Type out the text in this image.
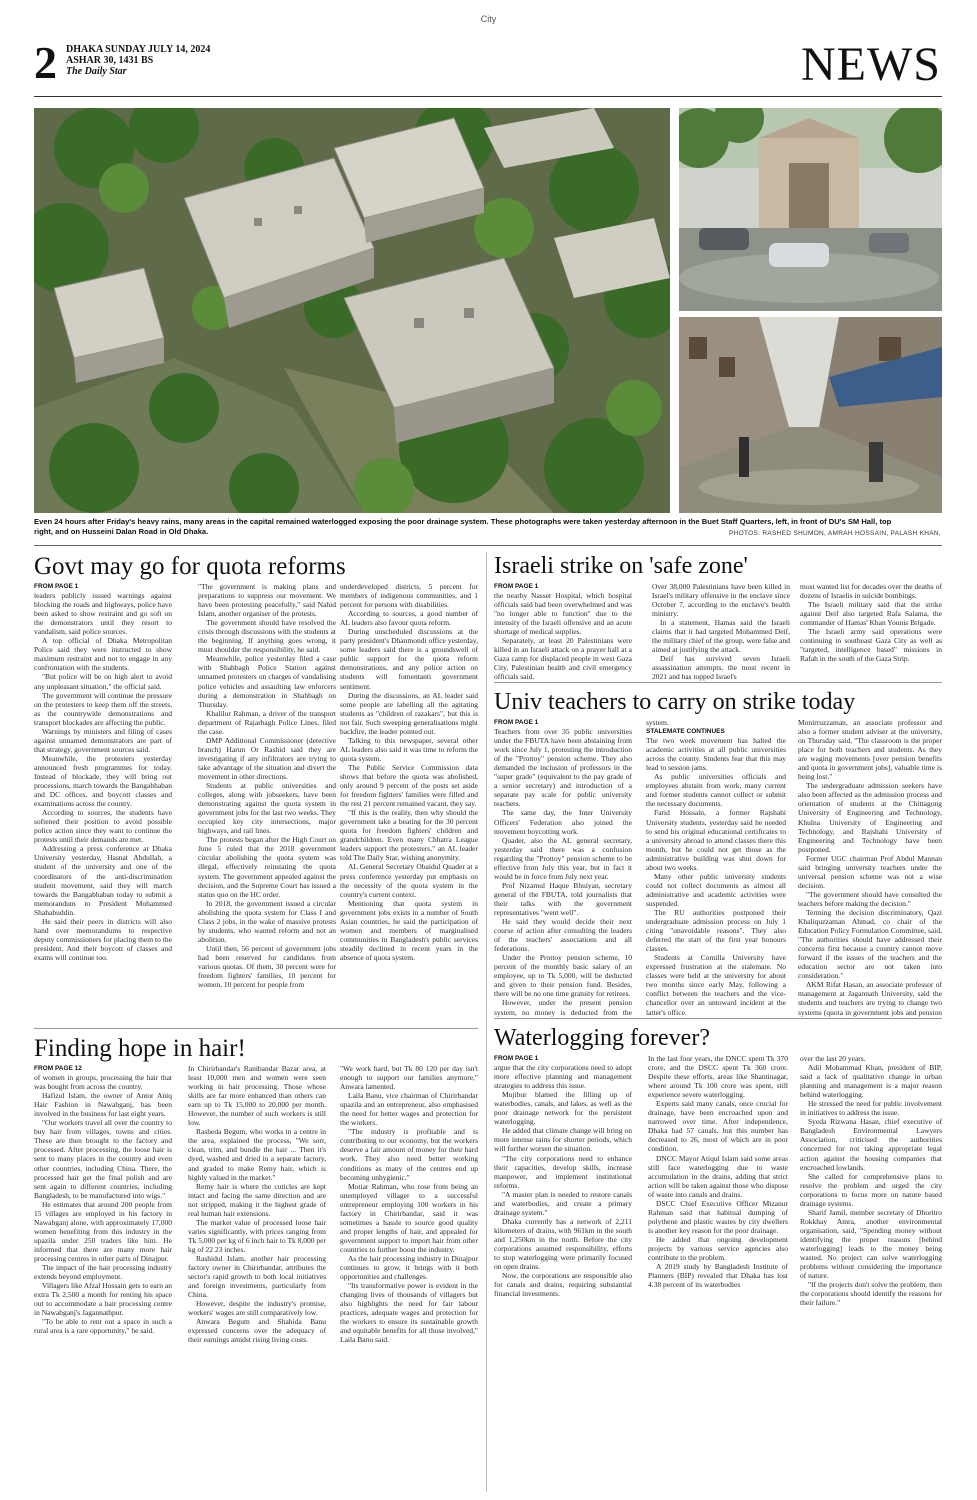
City
2 DHAKA SUNDAY JULY 14, 2024
ASHAR 30, 1431 BS
The Daily Star	NEWS
Even 24 hours after Friday's heavy rains, many areas in the capital remained waterlogged exposing the poor drainage system. These photographs were taken yesterday afternoon in the Buet Staff Quarters, left, in front of DU's SM Hall, top right, and on Husseini Dalan Road in Old Dhaka.	PHOTOS: RASHED SHUMON, AMRAH HOSSAIN, PALASH KHAN,
Govt may go for quota reforms
FROM PAGE 1

leaders publicly issued warnings against blocking the roads and highways, police have been asked to show restraint and go soft on the demonstrators until they resort to vandalism, said police sources.

A top official of Dhaka Metropolitan Police said they were instructed to show maximum restraint and not to engage in any confrontation with the students.

"But police will be on high alert to avoid any unpleasant situation," the official said.

The government will continue the pressure on the protesters to keep them off the streets, as the countrywide demonstrations and transport blockades are affecting the public.

Warnings by ministers and filing of cases against unnamed demonstrators are part of that strategy, government sources said.

Meanwhile, the protesters yesterday announced fresh programmes for today. Instead of blockade, they will bring out processions, march towards the Bangabhaban and DC offices, and boycott classes and examinations across the country.

According to sources, the students have softened their position to avoid possible police action since they want to continue the protests until their demands are met.

Addressing a press conference at Dhaka University yesterday, Hasnat Abdullah, a student of the university and one of the coordinators of the anti-discrimination student movement, said they will march towards the Bangabhaban today to submit a memorandum to President Mohammed Shahabuddin.

He said their peers in districts will also hand over memorandums to respective deputy commissioners for placing them to the president. And their boycott of classes and exams will continue too.

"The government is making plans and preparations to suppress our movement. We have been protesting peacefully," said Nahid Islam, another organiser of the protests.

The government should have resolved the crisis through discussions with the students at the beginning. If anything goes wrong, it must shoulder the responsibility, he said.

Meanwhile, police yesterday filed a case with Shahbagh Police Station against unnamed protesters on charges of vandalising police vehicles and assaulting law enforcers during a demonstration in Shahbagh on Thursday.

Khalilur Rahman, a driver of the transport department of Rajarbagh Police Lines, filed the case.

DMP Additional Commissioner (detective branch) Harun Or Rashid said they are investigating if any infiltrators are trying to take advantage of the situation and divert the movement in other directions.

Students at public universities and colleges, along with jobseekers, have been demonstrating against the quota system in government jobs for the last two weeks. They occupied key city intersections, major highways, and rail lines.

The protests began after the High Court on June 5 ruled that the 2018 government circular abolishing the quota system was illegal, effectively reinstating the quota system. The government appealed against the decision, and the Supreme Court has issued a status quo on the HC order.

In 2018, the government issued a circular abolishing the quota system for Class I and Class 2 jobs, in the wake of massive protests by students, who wanted reform and not an abolition.

Until then, 56 percent of government jobs had been reserved for candidates from various quotas. Of them, 30 percent were for freedom fighters' families, 10 percent for women, 10 percent for people from

underdeveloped districts, 5 percent for members of indigenous communities, and 1 percent for persons with disabilities.

According to sources, a good number of AL leaders also favour quota reform.

During unscheduled discussions at the party president's Dhanmondi office yesterday, some leaders said there is a groundswell of public support for the quota reform demonstrations, and any police action on students will fomentanti government sentiment.

During the discussions, an AL leader said some people are labelling all the agitating students as "children of razakars", but this is not fair. Such sweeping generalisations might backfire, the leader pointed out.

Talking to this newspaper, several other AL leaders also said it was time to reform the quota system.

The Public Service Commission data shows that before the quota was abolished, only around 9 percent of the posts set aside for freedom fighters' families were filled and the rest 21 percent remained vacant, they say.

"If this is the reality, then why should the government take a beating for the 30 percent quota for freedom fighters' children and grandchildren. Even many Chhatra League leaders support the protesters," an AL leader told The Daily Star, wishing anonymity.

AL General Secretary Obaidul Quader at a press conference yesterday put emphasis on the necessity of the quota system in the country's current context.

Mentioning that quota system in government jobs exists in a number of South Asian countries, he said the participation of women and members of marginalised communities in Bangladesh's public services steadily declined in recent years in the absence of quota system.

Israeli strike on 'safe zone'
FROM PAGE 1

the nearby Nasser Hospital, which hospital officials said had been overwhelmed and was "no longer able to function" due to the intensity of the Israeli offensive and an acute shortage of medical supplies.

Separately, at least 20 Palestinians were killed in an Israeli attack on a prayer hall at a Gaza camp for displaced people in west Gaza City, Palestinian health and civil emergency officials said.

Over 38,000 Palestinians have been killed in Israel's military offensive in the enclave since October 7, according to the enclave's health ministry.

In a statement, Hamas said the Israeli claims that it had targeted Mohammed Deif, the military chief of the group, were false and aimed at justifying the attack.

Deif has survived seven Israeli assassination attempts, the most recent in 2021 and has topped Israel's

most wanted list for decades over the deaths of dozens of Israelis in suicide bombings.

The Israeli military said that the strike against Deif also targeted Rafa Salama, the commander of Hamas' Khan Younis Brigade.

The Israeli army said operations were continuing in southeast Gaza City as well as "targeted, intelligence based" missions in Rafah in the south of the Gaza Strip.

Univ teachers to carry on strike today
FROM PAGE 1

Teachers from over 35 public universities under the FBUTA have been abstaining from work since July 1, protesting the introduction of the "Prottoy" pension scheme. They also demanded the inclusion of professors in the "super grade" (equivalent to the pay grade of a senior secretary) and introduction of a separate pay scale for public university teachers.

The same day, the Inter University Officers' Federation also joined the movement boycotting work.

Quader, also the AL general secretary, yesterday said there was a confusion regarding the "Prottoy" pension scheme to be effective from July this year, but in fact it would be in force from July next year.

Prof Nizamul Haque Bhuiyan, secretary general of the FBUTA, told journalists that their talks with the government representatives "went well".

He said they would decide their next course of action after consulting the leaders of the teachers' associations and all federations.

Under the Prottoy pension scheme, 10 percent of the monthly basic salary of an employee, up to Tk 5,000, will be deducted and given to their pension fund. Besides, there will be no one time gratuity for retirees.

However, under the present pension system, no money is deducted from the

system.

STALEMATE CONTINUES

The two week movement has halted the academic activities at all public universities across the county. Students fear that this may lead to session jams.

As public universities officials and employees abstain from work, many current and former students cannot collect or submit the necessary documents.

Farid Hossain, a former Rajshahi University students, yesterday said he needed to send his original educational certificates to a university abroad to attend classes there this month, but he could not get those as the administrative building was shut down for about two weeks.

Many other public university students could not collect documents as almost all administrative and academic activities were suspended.

The RU authorities postponed their undergraduate admission process on July 1 citing "unavoidable reasons". They also deferred the start of the first year honours classes.

Students at Comilla University have expressed frustration at the stalemate. No classes were held at the university for about two months since early May, following a conflict between the teachers and the vice-chancellor over an untoward incident at the latter's office.

Monirruzzaman, an associate professor and also a former student adviser at the university, on Thursday said, "The classroom is the proper place for both teachers and students. As they are waging movements [over pension benefits and quota in government jobs], valuable time is being lost."

The undergraduate admission seekers have also been affected as the admission process and orientation of students at the Chittagong University of Engineering and Technology, Khulna University of Engineering and Technology, and Rajshahi University of Engineering and Technology have been postponed.

Former UGC chairman Prof Abdul Mannan said bringing university teachers under the universal pension scheme was not a wise decision.

"The government should have consulted the teachers before making the decision."

Terming the decision discriminatory, Qazi Khaliquzzaman Ahmad, co chair of the Education Policy Formulation Committee, said, "The authorities should have addressed their concerns first because a country cannot move forward if the issues of the teachers and the education sector are not taken into consideration."

AKM Rifat Hasan, an associate professor of management at Jagannath University, said the students and teachers are trying to change two systems (quota in government jobs and pension

Finding hope in hair!
FROM PAGE 12

of women in groups, processing the hair that was bought from across the country.

Hafizul Islam, the owner of Antor Aniq Hair Fashion in Nawabganj, has been involved in the business for last eight years.

"Our workers travel all over the country to buy hair from villages, towns and cities. These are then brought to the factory and processed. After processing, the loose hair is sent to many places in the country and even other countries, including China. There, the processed hair get the final polish and are sent again to different countries, including Bangladesh, to be manufactured into wigs."

He estimates that around 200 people from 15 villages are employed in his factory in Nawabganj alone, with approximately 17,000 women benefiting from this industry in the upazila under 250 traders like him. He informed that there are many more hair processing centres in other parts of Dinajpur.

The impact of the hair processing industry extends beyond employment.

Villagers like Afzal Hossain gets to earn an extra Tk 2,500 a month for renting his space out to accommodate a hair processing centre in Nawabganj's Jagannathpur.

"To be able to rent out a space in such a rural area is a rare opportunity," he said.

In Chirirbandar's Ranibandar Bazar area, at least 10,000 men and women were seen working in hair processing. Those whose skills are far more enhanced than others can earn up to Tk 15,000 to 20,000 per month. However, the number of such workers is still low.

Rasheda Begum, who works in a centre in the area, explained the process, "We sort, clean, trim, and bundle the hair ... Then it's dyed, washed and dried in a separate factory, and graded to make Remy hair, which is highly valued in the market."

Remy hair is where the cuticles are kept intact and facing the same direction and are not stripped, making it the highest grade of real human hair extensions.

The market value of processed loose hair varies significantly, with prices ranging from Tk 5,000 per kg of 6 inch hair to Tk 8,000 per kg of 22 23 inches.

Rashidul Islam, another hair processing factory owner in Chirirbandar, attributes the sector's rapid growth to both local initiatives and foreign investments, particularly from China.

However, despite the industry's promise, workers' wages are still comparatively low.

Anwara Begum and Shahida Banu expressed concerns over the adequacy of their earnings amidst rising living costs.

"We work hard, but Tk 80 120 per day isn't enough to support our families anymore," Anwara lamented.

Laila Banu, vice chairman of Chirirbandar upazila and an entrepreneur, also emphasised the need for better wages and protection for the workers.

"The industry is profitable and is contributing to our economy, but the workers deserve a fair amount of money for their hard work. They also need better working conditions as many of the centres end up becoming unhygienic."

Motiar Rahman, who rose from being an unemployed villager to a successful entrepreneur employing 100 workers in his factory in Chirirbandar, said it was sometimes a hassle to source good quality and proper lengths of hair, and appealed for government support to import hair from other countries to further boost the industry.

As the hair processing industry in Dinajpur continues to grow, it brings with it both opportunities and challenges.

"Its transformative power is evident in the changing lives of thousands of villagers but also highlights the need for fair labour practices, adequate wages and protection for the workers to ensure its sustainable growth and equitable benefits for all those involved," Laila Banu said.

Waterlogging forever?
FROM PAGE 1

argue that the city corporations need to adopt more effective planning and management strategies to address this issue.

Mujibur blamed the filling up of waterbodies, canals, and lakes, as well as the poor drainage network for the persistent waterlogging.

He added that climate change will bring on more intense rains for shorter periods, which will further worsen the situation.

"The city corporations need to enhance their capacities, develop skills, increase manpower, and implement institutional reforms.

"A master plan is needed to restore canals and waterbodies, and create a primary drainage system."

Dhaka currently has a network of 2,211 kilometers of drains, with 961km in the south and 1,250km in the north. Before the city corporations assumed responsibility, efforts to stop waterlogging were primarily focused on open drains.

Now, the corporations are responsible also for canals and drains, requiring substantial financial investments.

In the last four years, the DNCC spent Tk 370 crore, and the DSCC spent Tk 360 crore. Despite these efforts, areas like Shantinagar, where around Tk 100 crore was spent, still experience severe waterlogging.

Experts said many canals, once crucial for drainage, have been encroached upon and narrowed over time. After independence, Dhaka had 57 canals, but this number has decreased to 26, most of which are in poor condition.

DNCC Mayor Atiqul Islam said some areas still face waterlogging due to waste accumulation in the drains, adding that strict action will be taken against those who dispose of waste into canals and drains.

DSCC Chief Executive Officer Mizanur Rahman said that habitual dumping of polythene and plastic wastes by city dwellers is another key reason for the poor drainage.

He added that ongoing development projects by various service agencies also contribute to the problem.

A 2019 study by Bangladesh Institute of Planners (BIP) revealed that Dhaka has lost 4.38 percent of its waterbodies

over the last 20 years.

Adil Mohammad Khan, president of BIP, said a lack of qualitative change in urban planning and management is a major reason behind waterlogging.

He stressed the need for public involvement in initiatives to address the issue.

Syeda Rizwana Hasan, chief executive of Bangladesh Environmental Lawyers Association, criticised the authorities concerned for not taking appropriate legal action against the housing companies that encroached lowlands.

She called for comprehensive plans to resolve the problem and urged the city corporations to focus more on nature based drainage systems.

Sharif Jamil, member secretary of Dhoritro Rokkhay Amra, another environmental organisation, said, "Spending money without identifying the proper reasons [behind waterlogging] leads to the money being wasted. No project can solve waterlogging problems without considering the importance of nature.

"If the projects don't solve the problem, then the corporations should identify the reasons for their failure."
